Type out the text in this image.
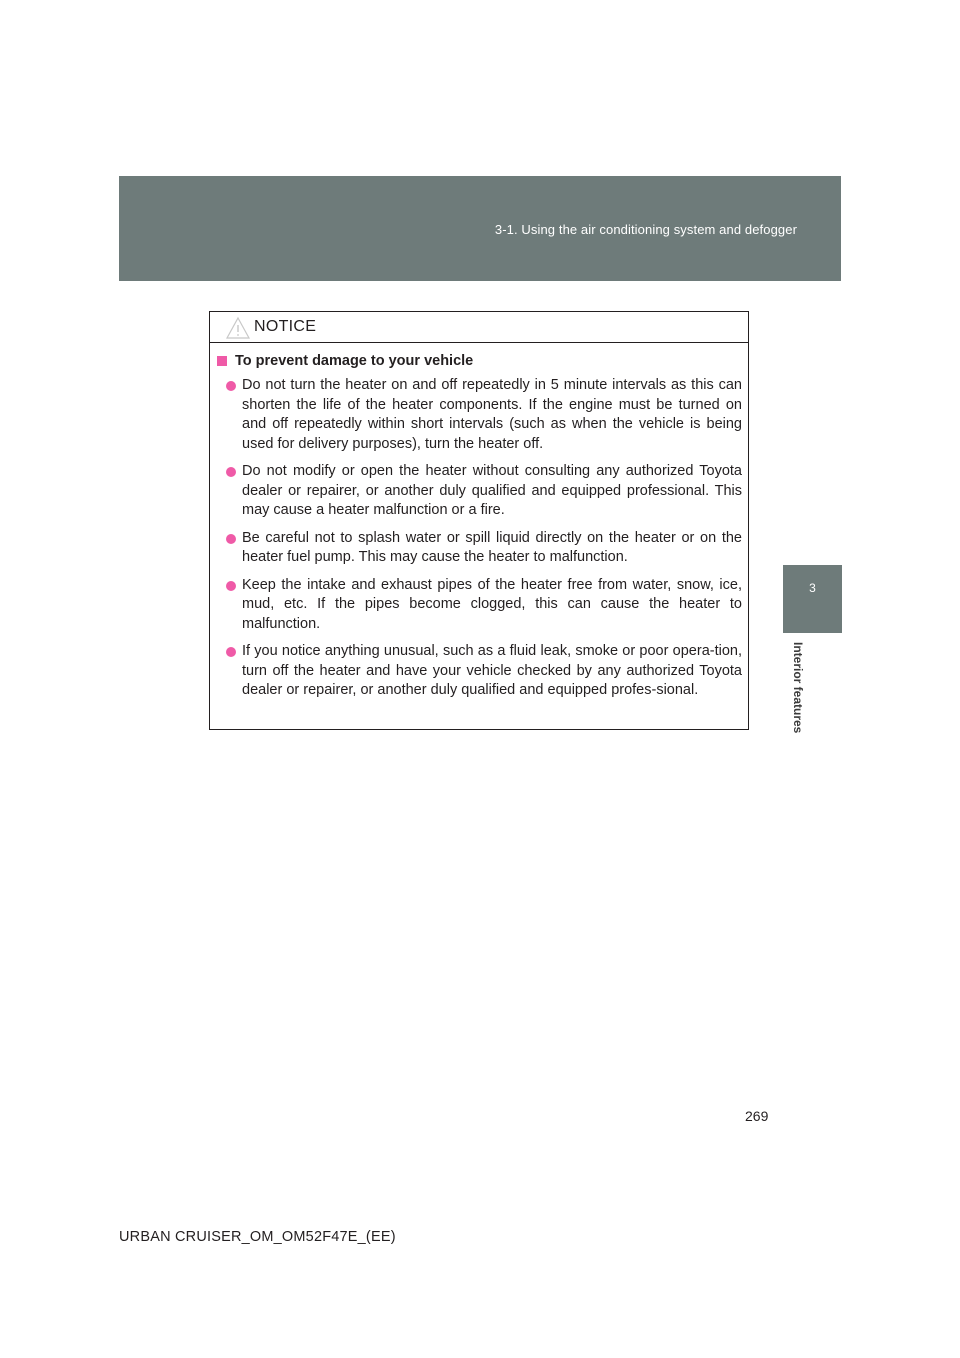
3-1. Using the air conditioning system and defogger
3
Interior features
NOTICE
To prevent damage to your vehicle
Do not turn the heater on and off repeatedly in 5 minute intervals as this can shorten the life of the heater components. If the engine must be turned on and off repeatedly within short intervals (such as when the vehicle is being used for delivery purposes), turn the heater off.
Do not modify or open the heater without consulting any authorized Toyota dealer or repairer, or another duly qualified and equipped professional. This may cause a heater malfunction or a fire.
Be careful not to splash water or spill liquid directly on the heater or on the heater fuel pump. This may cause the heater to malfunction.
Keep the intake and exhaust pipes of the heater free from water, snow, ice, mud, etc. If the pipes become clogged, this can cause the heater to malfunction.
If you notice anything unusual, such as a fluid leak, smoke or poor opera-tion, turn off the heater and have your vehicle checked by any authorized Toyota dealer or repairer, or another duly qualified and equipped profes-sional.
269
URBAN CRUISER_OM_OM52F47E_(EE)
